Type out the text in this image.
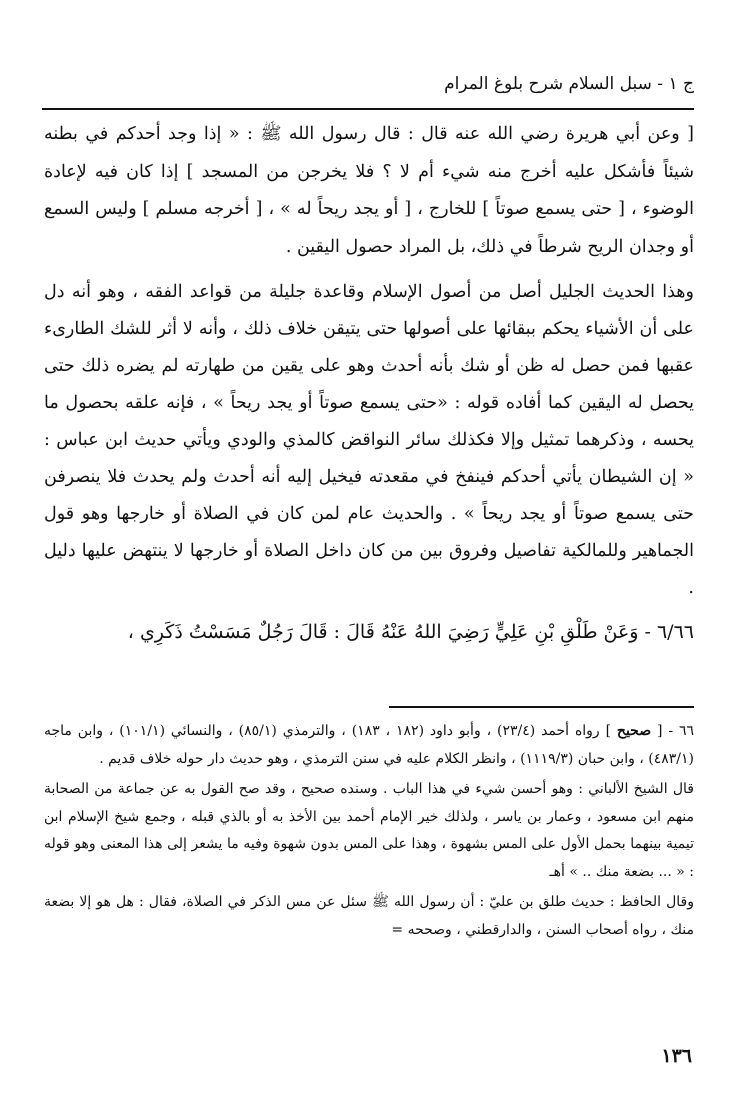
ج ١ - سبل السلام شرح بلوغ المرام

[ وعن أبي هريرة رضي الله عنه قال : قال رسول الله ﷺ : « إذا وجد أحدكم في بطنه شيئاً فأشكل عليه أخرج منه شيء أم لا ؟ فلا يخرجن من المسجد ] إذا كان فيه لإعادة الوضوء ، [ حتى يسمع صوتاً ] للخارج ، [ أو يجد ريحاً له » ، [ أخرجه مسلم ] وليس السمع أو وجدان الريح شرطاً في ذلك، بل المراد حصول اليقين .

وهذا الحديث الجليل أصل من أصول الإسلام وقاعدة جليلة من قواعد الفقه ، وهو أنه دل على أن الأشياء يحكم ببقائها على أصولها حتى يتيقن خلاف ذلك ، وأنه لا أثر للشك الطارىء عقبها فمن حصل له ظن أو شك بأنه أحدث وهو على يقين من طهارته لم يضره ذلك حتى يحصل له اليقين كما أفاده قوله : «حتى يسمع صوتاً أو يجد ريحاً » ، فإنه علقه بحصول ما يحسه ، وذكرهما تمثيل وإلا فكذلك سائر النواقض كالمذي والودي ويأتي حديث ابن عباس : « إن الشيطان يأتي أحدكم فينفخ في مقعدته فيخيل إليه أنه أحدث ولم يحدث فلا ينصرفن حتى يسمع صوتاً أو يجد ريحاً » . والحديث عام لمن كان في الصلاة أو خارجها وهو قول الجماهير وللمالكية تفاصيل وفروق بين من كان داخل الصلاة أو خارجها لا ينتهض عليها دليل .

٦/٦٦ - وَعَنْ طَلْقِ بْنِ عَلِيٍّ رَضِيَ اللهُ عَنْهُ قَالَ : قَالَ رَجُلٌ مَسَسْتُ ذَكَرِي ،

٦٦ - [ صحيح ] رواه أحمد (٢٣/٤) ، وأبو داود (١٨٢ ، ١٨٣) ، والترمذي (٨٥/١) ، والنسائي (١٠١/١) ، وابن ماجه (٤٨٣/١) ، وابن حبان (١١١٩/٣) ، وانظر الكلام عليه في سنن الترمذي ، وهو حديث دار حوله خلاف قديم .

قال الشيخ الألباني : وهو أحسن شيء في هذا الباب . وسنده صحيح ، وقد صح القول به عن جماعة من الصحابة منهم ابن مسعود ، وعمار بن ياسر ، ولذلك خير الإمام أحمد بين الأخذ به أو بالذي قبله ، وجمع شيخ الإسلام ابن تيمية بينهما بحمل الأول على المس بشهوة ، وهذا على المس بدون شهوة وفيه ما يشعر إلى هذا المعنى وهو قوله : « ... بضعة منك .. » أهـ

وقال الحافظ : حديث طلق بن عليّ : أن رسول الله ﷺ سئل عن مس الذكر في الصلاة، فقال : هل هو إلا بضعة منك ، رواه أصحاب السنن ، والدارقطني ، وصححه =

١٣٦
